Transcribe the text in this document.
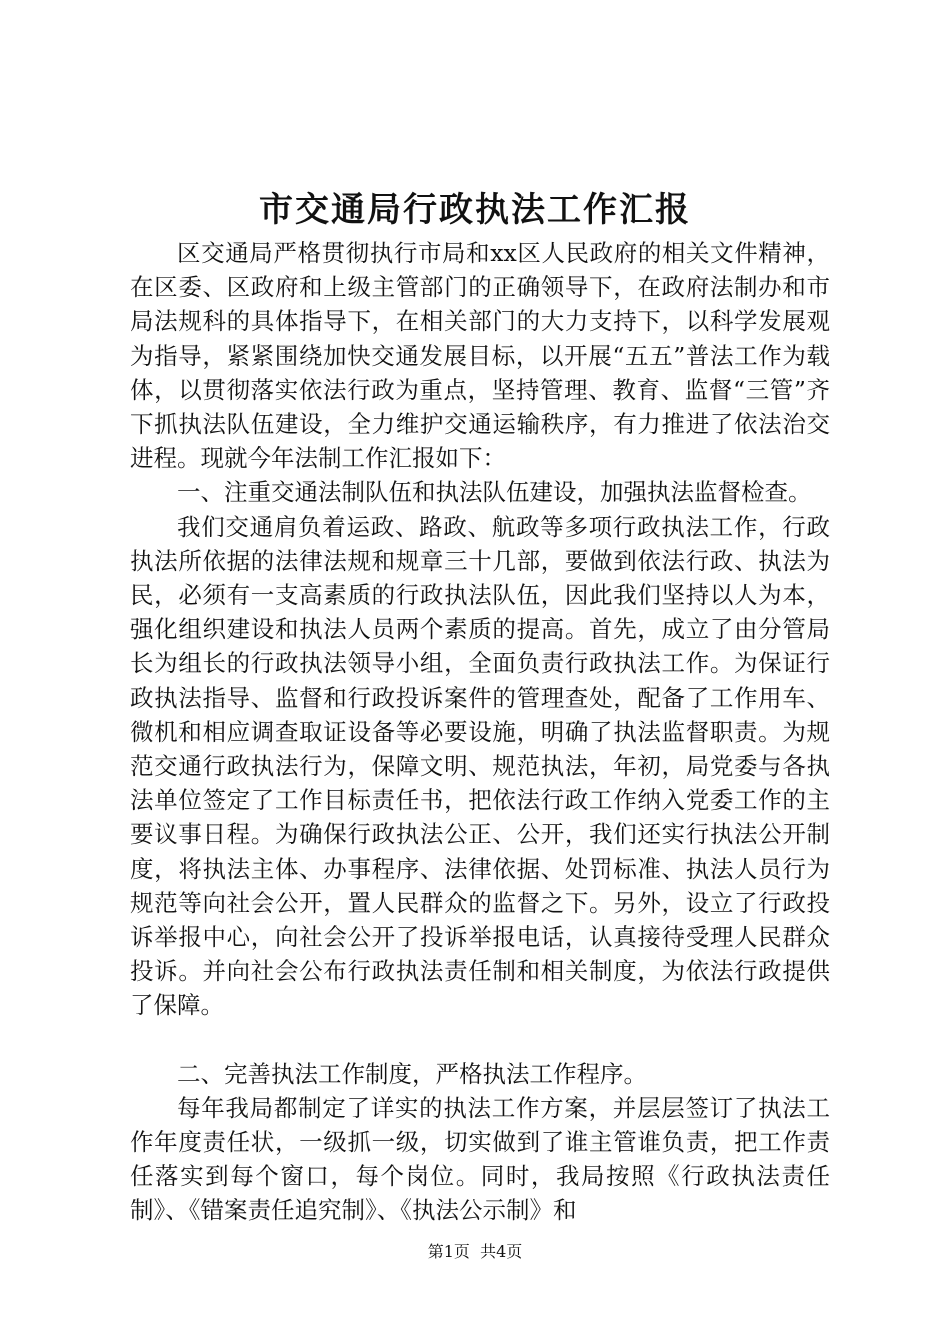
市交通局行政执法工作汇报

区交通局严格贯彻执行市局和xx区人民政府的相关文件精神，在区委、区政府和上级主管部门的正确领导下，在政府法制办和市局法规科的具体指导下，在相关部门的大力支持下，以科学发展观为指导，紧紧围绕加快交通发展目标，以开展“五五”普法工作为载体，以贯彻落实依法行政为重点，坚持管理、教育、监督“三管”齐下抓执法队伍建设，全力维护交通运输秩序，有力推进了依法治交进程。现就今年法制工作汇报如下：

一、注重交通法制队伍和执法队伍建设，加强执法监督检查。

我们交通肩负着运政、路政、航政等多项行政执法工作，行政执法所依据的法律法规和规章三十几部，要做到依法行政、执法为民，必须有一支高素质的行政执法队伍，因此我们坚持以人为本，强化组织建设和执法人员两个素质的提高。首先，成立了由分管局长为组长的行政执法领导小组，全面负责行政执法工作。为保证行政执法指导、监督和行政投诉案件的管理查处，配备了工作用车、微机和相应调查取证设备等必要设施，明确了执法监督职责。为规范交通行政执法行为，保障文明、规范执法，年初，局党委与各执法单位签定了工作目标责任书，把依法行政工作纳入党委工作的主要议事日程。为确保行政执法公正、公开，我们还实行执法公开制度，将执法主体、办事程序、法律依据、处罚标准、执法人员行为规范等向社会公开，置人民群众的监督之下。另外，设立了行政投诉举报中心，向社会公开了投诉举报电话，认真接待受理人民群众投诉。并向社会公布行政执法责任制和相关制度，为依法行政提供了保障。

二、完善执法工作制度，严格执法工作程序。

每年我局都制定了详实的执法工作方案，并层层签订了执法工作年度责任状，一级抓一级，切实做到了谁主管谁负责，把工作责任落实到每个窗口，每个岗位。同时，我局按照《行政执法责任制》、《错案责任追究制》、《执法公示制》和

第1页  共4页
